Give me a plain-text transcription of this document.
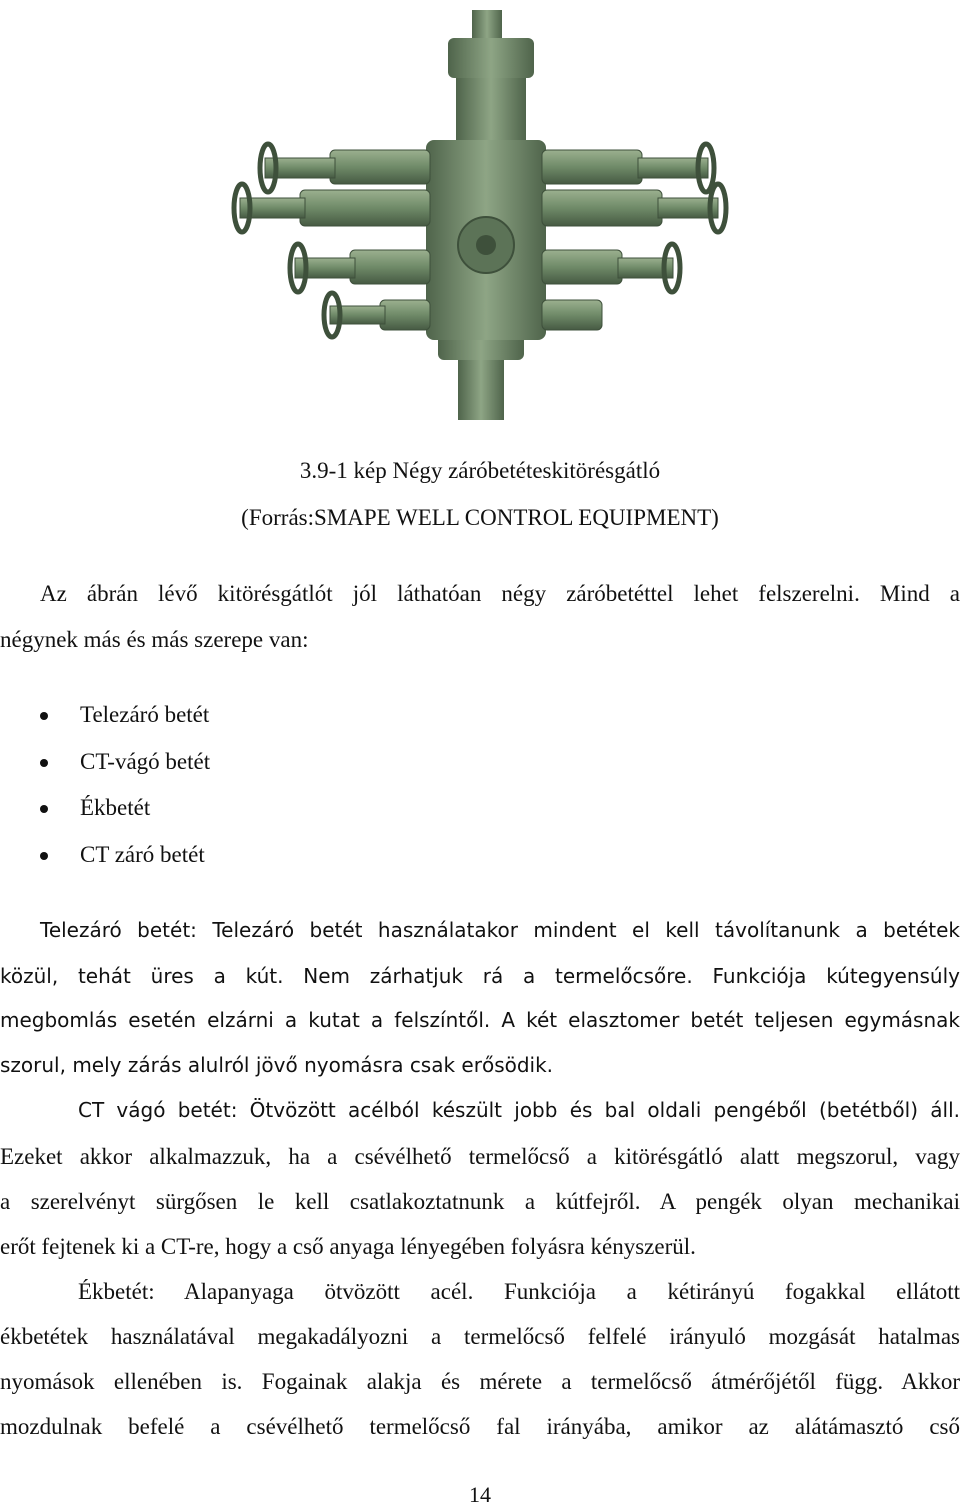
3.9-1 kép Négy záróbetéteskitörésgátló
(Forrás:SMAPE WELL CONTROL EQUIPMENT)
Az ábrán lévő kitörésgátlót jól láthatóan négy záróbetéttel lehet felszerelni. Mind a
négynek más és más szerepe van:
Telezáró betét
CT-vágó betét
Ékbetét
CT záró betét
Telezáró betét: Telezáró betét használatakor mindent el kell távolítanunk a betétek
közül, tehát üres a kút. Nem zárhatjuk rá a termelőcsőre. Funkciója kútegyensúly
megbomlás esetén elzárni a kutat a felszíntől. A két elasztomer betét teljesen egymásnak
szorul, mely zárás alulról jövő nyomásra csak erősödik.
CT vágó betét: Ötvözött acélból készült jobb és bal oldali pengéből (betétből) áll.
Ezeket akkor alkalmazzuk, ha a csévélhető termelőcső a kitörésgátló alatt megszorul, vagy
a szerelvényt sürgősen le kell csatlakoztatnunk a kútfejről. A pengék olyan mechanikai
erőt fejtenek ki a CT-re, hogy a cső anyaga lényegében folyásra kényszerül.
Ékbetét: Alapanyaga ötvözött acél. Funkciója a kétirányú fogakkal ellátott
ékbetétek használatával megakadályozni a termelőcső felfelé irányuló mozgását hatalmas
nyomások ellenében is. Fogainak alakja és mérete a termelőcső átmérőjétől függ. Akkor
mozdulnak befelé a csévélhető termelőcső fal irányába, amikor az alátámasztó cső
14
